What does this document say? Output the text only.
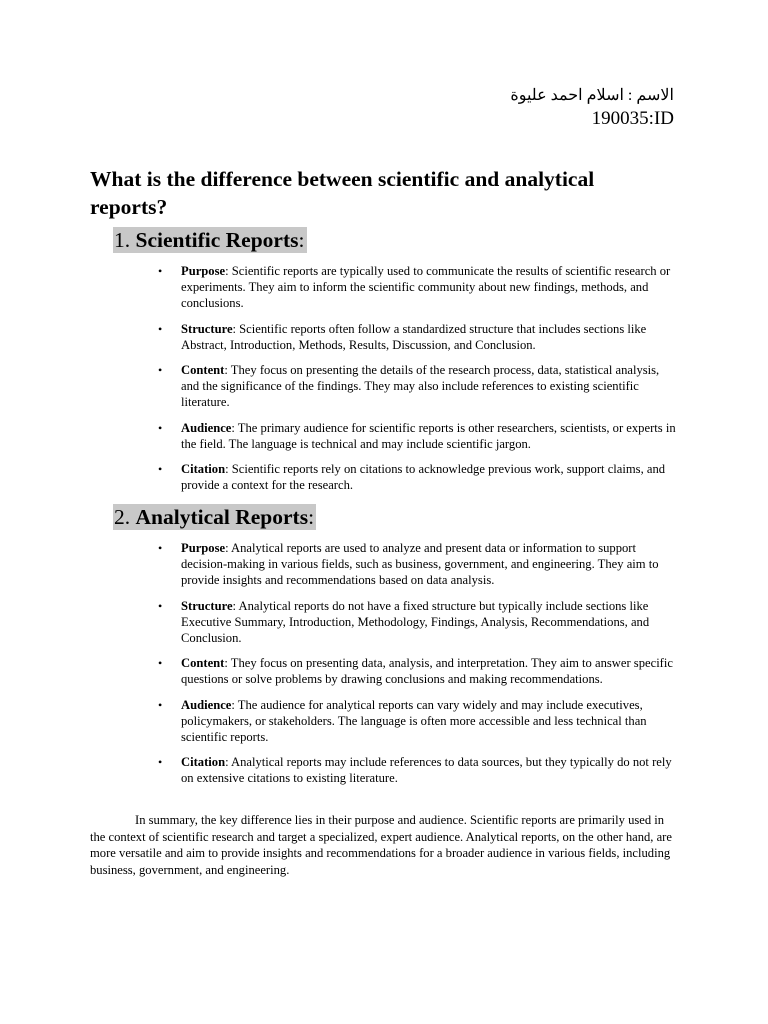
الاسم : اسلام احمد عليوة
190035:ID
What is the difference between scientific and analytical reports?
1. Scientific Reports:
• Purpose: Scientific reports are typically used to communicate the results of scientific research or experiments. They aim to inform the scientific community about new findings, methods, and conclusions.
• Structure: Scientific reports often follow a standardized structure that includes sections like Abstract, Introduction, Methods, Results, Discussion, and Conclusion.
• Content: They focus on presenting the details of the research process, data, statistical analysis, and the significance of the findings. They may also include references to existing scientific literature.
• Audience: The primary audience for scientific reports is other researchers, scientists, or experts in the field. The language is technical and may include scientific jargon.
• Citation: Scientific reports rely on citations to acknowledge previous work, support claims, and provide a context for the research.
2. Analytical Reports:
• Purpose: Analytical reports are used to analyze and present data or information to support decision-making in various fields, such as business, government, and engineering. They aim to provide insights and recommendations based on data analysis.
• Structure: Analytical reports do not have a fixed structure but typically include sections like Executive Summary, Introduction, Methodology, Findings, Analysis, Recommendations, and Conclusion.
• Content: They focus on presenting data, analysis, and interpretation. They aim to answer specific questions or solve problems by drawing conclusions and making recommendations.
• Audience: The audience for analytical reports can vary widely and may include executives, policymakers, or stakeholders. The language is often more accessible and less technical than scientific reports.
• Citation: Analytical reports may include references to data sources, but they typically do not rely on extensive citations to existing literature.

In summary, the key difference lies in their purpose and audience. Scientific reports are primarily used in the context of scientific research and target a specialized, expert audience. Analytical reports, on the other hand, are more versatile and aim to provide insights and recommendations for a broader audience in various fields, including business, government, and engineering.
